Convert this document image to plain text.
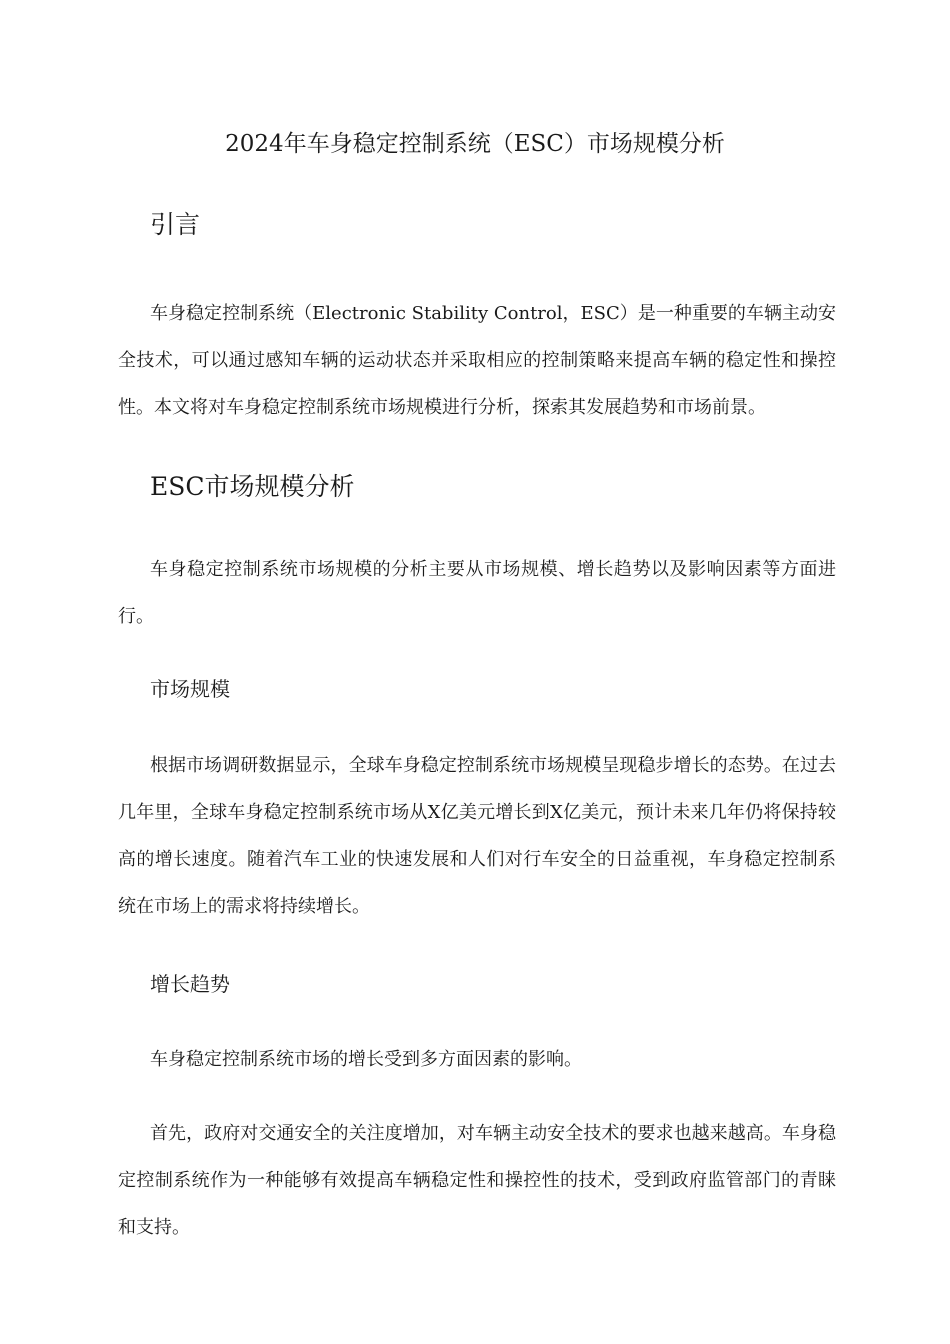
2024年车身稳定控制系统（ESC）市场规模分析
引言

车身稳定控制系统（Electronic Stability Control，ESC）是一种重要的车辆主动安全技术，可以通过感知车辆的运动状态并采取相应的控制策略来提高车辆的稳定性和操控性。本文将对车身稳定控制系统市场规模进行分析，探索其发展趋势和市场前景。

ESC市场规模分析

车身稳定控制系统市场规模的分析主要从市场规模、增长趋势以及影响因素等方面进行。

市场规模

根据市场调研数据显示，全球车身稳定控制系统市场规模呈现稳步增长的态势。在过去几年里，全球车身稳定控制系统市场从X亿美元增长到X亿美元，预计未来几年仍将保持较高的增长速度。随着汽车工业的快速发展和人们对行车安全的日益重视，车身稳定控制系统在市场上的需求将持续增长。

增长趋势

车身稳定控制系统市场的增长受到多方面因素的影响。

首先，政府对交通安全的关注度增加，对车辆主动安全技术的要求也越来越高。车身稳定控制系统作为一种能够有效提高车辆稳定性和操控性的技术，受到政府监管部门的青睐和支持。
